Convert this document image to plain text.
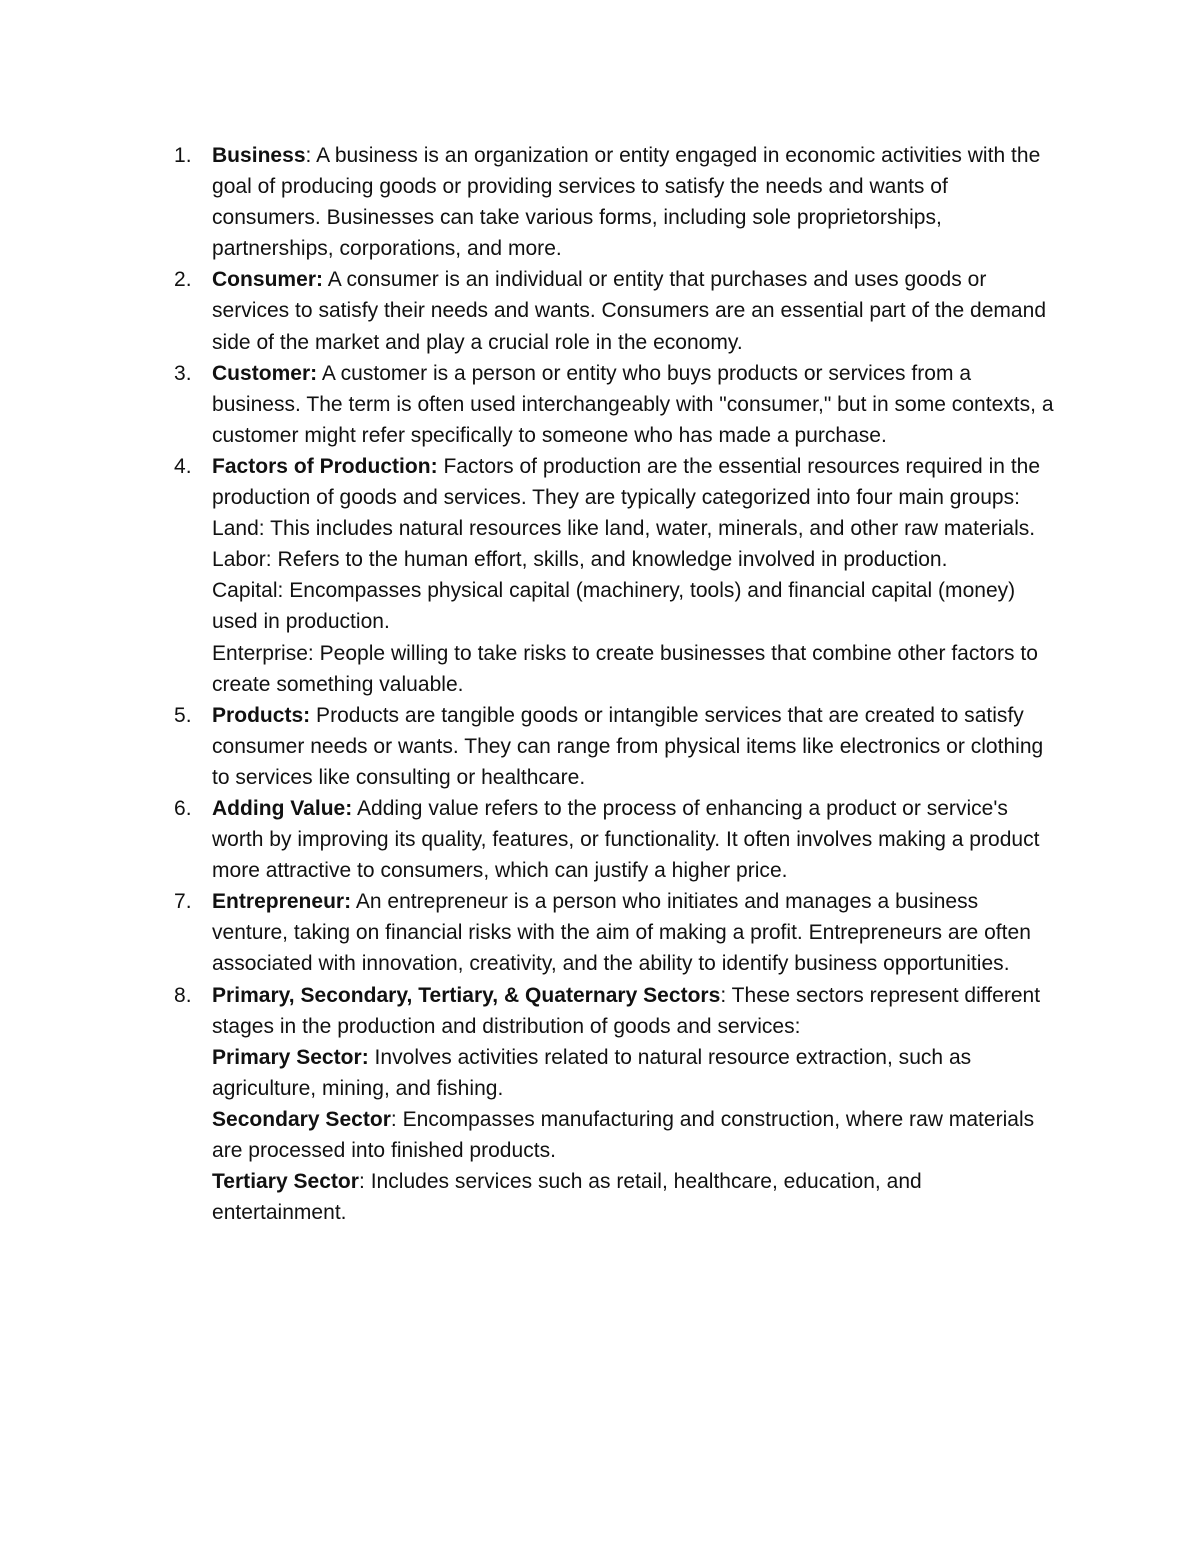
1. Business: A business is an organization or entity engaged in economic activities with the goal of producing goods or providing services to satisfy the needs and wants of consumers. Businesses can take various forms, including sole proprietorships, partnerships, corporations, and more.
2. Consumer: A consumer is an individual or entity that purchases and uses goods or services to satisfy their needs and wants. Consumers are an essential part of the demand side of the market and play a crucial role in the economy.
3. Customer: A customer is a person or entity who buys products or services from a business. The term is often used interchangeably with "consumer," but in some contexts, a customer might refer specifically to someone who has made a purchase.
4. Factors of Production: Factors of production are the essential resources required in the production of goods and services. They are typically categorized into four main groups:
Land: This includes natural resources like land, water, minerals, and other raw materials.
Labor: Refers to the human effort, skills, and knowledge involved in production.
Capital: Encompasses physical capital (machinery, tools) and financial capital (money) used in production.
Enterprise: People willing to take risks to create businesses that combine other factors to create something valuable.
5. Products: Products are tangible goods or intangible services that are created to satisfy consumer needs or wants. They can range from physical items like electronics or clothing to services like consulting or healthcare.
6. Adding Value: Adding value refers to the process of enhancing a product or service's worth by improving its quality, features, or functionality. It often involves making a product more attractive to consumers, which can justify a higher price.
7. Entrepreneur: An entrepreneur is a person who initiates and manages a business venture, taking on financial risks with the aim of making a profit. Entrepreneurs are often associated with innovation, creativity, and the ability to identify business opportunities.
8. Primary, Secondary, Tertiary, & Quaternary Sectors: These sectors represent different stages in the production and distribution of goods and services:
Primary Sector: Involves activities related to natural resource extraction, such as agriculture, mining, and fishing.
Secondary Sector: Encompasses manufacturing and construction, where raw materials are processed into finished products.
Tertiary Sector: Includes services such as retail, healthcare, education, and entertainment.
